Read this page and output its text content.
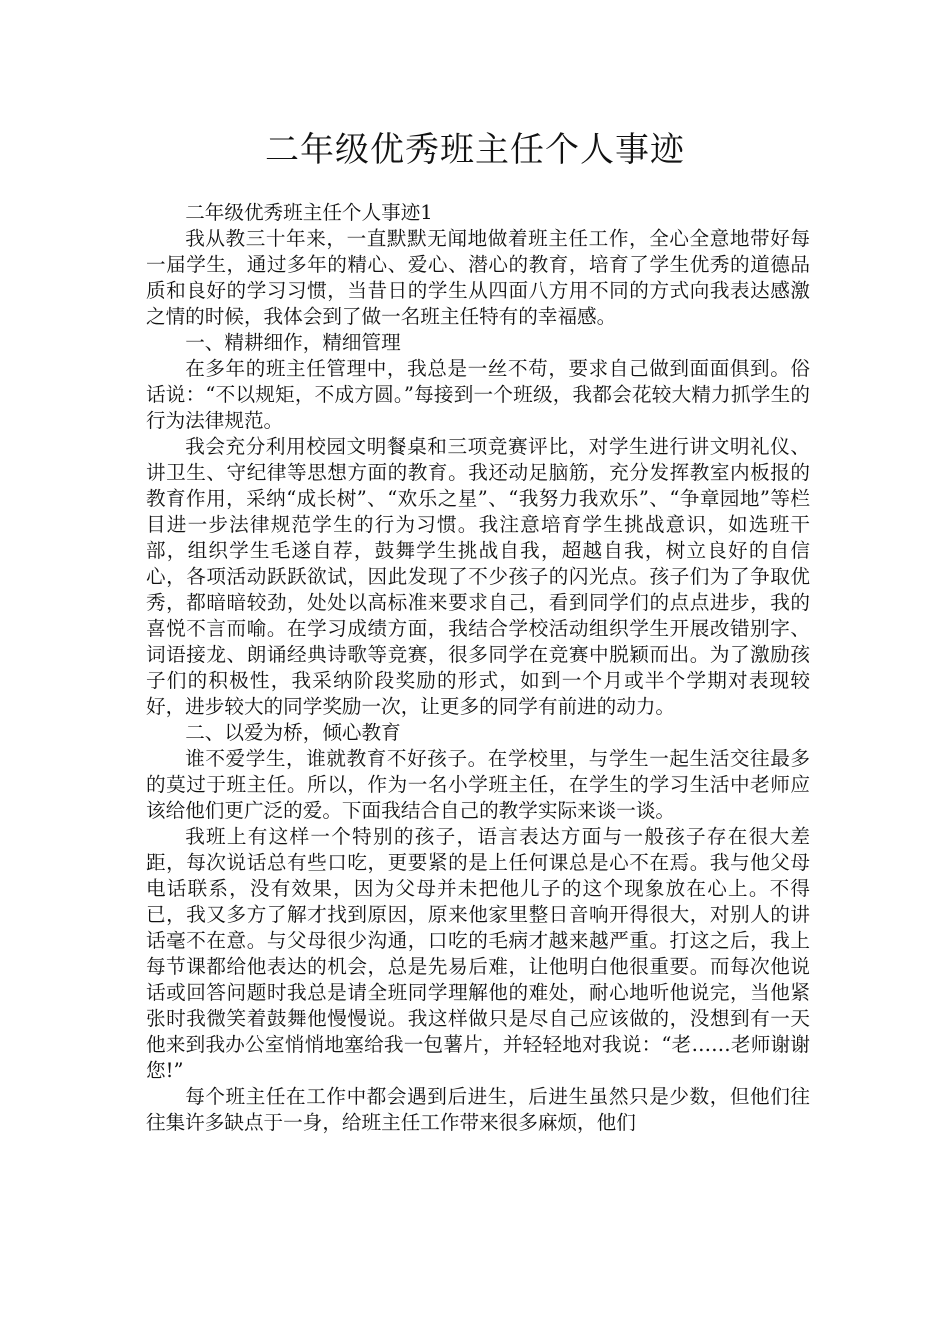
二年级优秀班主任个人事迹

二年级优秀班主任个人事迹1

我从教三十年来，一直默默无闻地做着班主任工作，全心全意地带好每一届学生，通过多年的精心、爱心、潜心的教育，培育了学生优秀的道德品质和良好的学习习惯，当昔日的学生从四面八方用不同的方式向我表达感激之情的时候，我体会到了做一名班主任特有的幸福感。

一、精耕细作，精细管理

在多年的班主任管理中，我总是一丝不苟，要求自己做到面面俱到。俗话说：“不以规矩，不成方圆。”每接到一个班级，我都会花较大精力抓学生的行为法律规范。

我会充分利用校园文明餐桌和三项竞赛评比，对学生进行讲文明礼仪、讲卫生、守纪律等思想方面的教育。我还动足脑筋，充分发挥教室内板报的教育作用，采纳“成长树”、“欢乐之星”、“我努力我欢乐”、“争章园地”等栏目进一步法律规范学生的行为习惯。我注意培育学生挑战意识，如选班干部，组织学生毛遂自荐，鼓舞学生挑战自我，超越自我，树立良好的自信心，各项活动跃跃欲试，因此发现了不少孩子的闪光点。孩子们为了争取优秀，都暗暗较劲，处处以高标准来要求自己，看到同学们的点点进步，我的喜悦不言而喻。在学习成绩方面，我结合学校活动组织学生开展改错别字、词语接龙、朗诵经典诗歌等竞赛，很多同学在竞赛中脱颖而出。为了激励孩子们的积极性，我采纳阶段奖励的形式，如到一个月或半个学期对表现较好，进步较大的同学奖励一次，让更多的同学有前进的动力。

二、以爱为桥，倾心教育

谁不爱学生，谁就教育不好孩子。在学校里，与学生一起生活交往最多的莫过于班主任。所以，作为一名小学班主任，在学生的学习生活中老师应该给他们更广泛的爱。下面我结合自己的教学实际来谈一谈。

我班上有这样一个特别的孩子，语言表达方面与一般孩子存在很大差距，每次说话总有些口吃，更要紧的是上任何课总是心不在焉。我与他父母电话联系，没有效果，因为父母并未把他儿子的这个现象放在心上。不得已，我又多方了解才找到原因，原来他家里整日音响开得很大，对别人的讲话毫不在意。与父母很少沟通，口吃的毛病才越来越严重。打这之后，我上每节课都给他表达的机会，总是先易后难，让他明白他很重要。而每次他说话或回答问题时我总是请全班同学理解他的难处，耐心地听他说完，当他紧张时我微笑着鼓舞他慢慢说。我这样做只是尽自己应该做的，没想到有一天他来到我办公室悄悄地塞给我一包薯片，并轻轻地对我说：“老……老师谢谢您!”

每个班主任在工作中都会遇到后进生，后进生虽然只是少数，但他们往往集许多缺点于一身，给班主任工作带来很多麻烦，他们
